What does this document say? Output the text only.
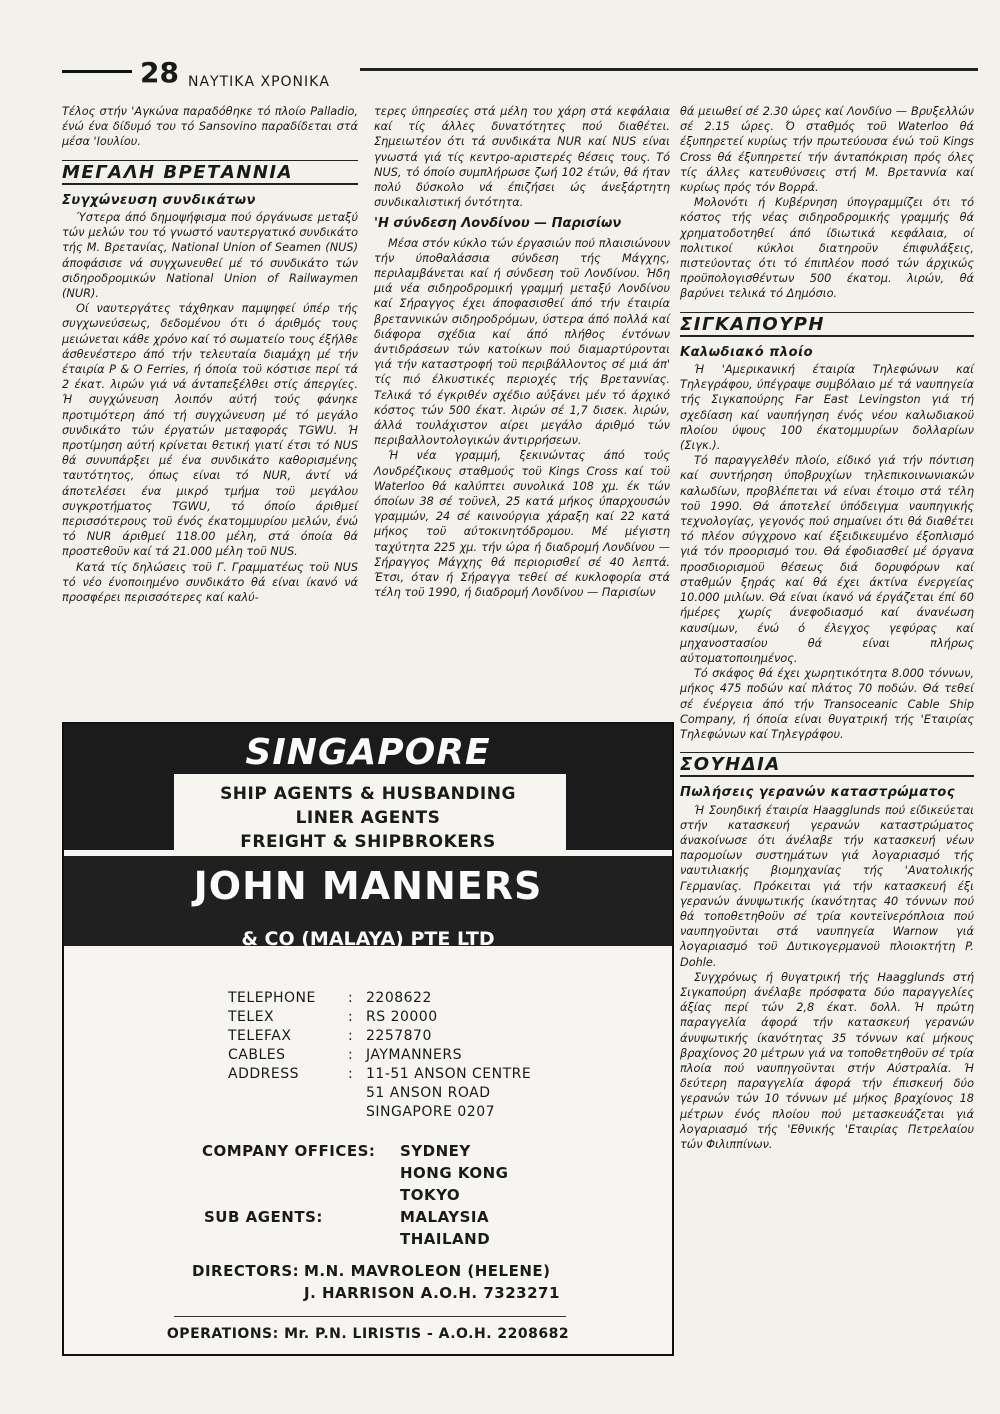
28 ΝΑΥΤΙΚΑ ΧΡΟΝΙΚΑ

Τέλος στήν 'Αγκώνα παραδόθηκε τό πλοίο Palladio, ένώ ένα δίδυμό του τό Sansovino παραδίδεται στά μέσα 'Ιουλίου.

ΜΕΓΑΛΗ ΒΡΕΤΑΝΝΙΑ
Συγχώνευση συνδικάτων

Ύστερα άπό δημοψήφισμα πού όργάνωσε μεταξύ τών μελών του τό γνωστό ναυτεργατικό συνδικάτο τής Μ. Βρετανίας, National Union of Seamen (NUS) άποφάσισε νά συγχωνευθεί μέ τό συνδικάτο τών σιδηροδρομικών National Union of Railwaymen (NUR).

Οί ναυτεργάτες τάχθηκαν παμψηφεί ύπέρ τής συγχωνεύσεως, δεδομένου ότι ό άριθμός τους μειώνεται κάθε χρόνο καί τό σωματείο τους έξήλθε άσθενέστερο άπό τήν τελευταία διαμάχη μέ τήν έταιρία P & O Ferries, ή όποία τοϋ κόστισε περί τά 2 έκατ. λιρών γιά νά άνταπεξέλθει στίς άπεργίες. Ή συγχώνευση λοιπόν αύτή τούς φάνηκε προτιμότερη άπό τή συγχώνευση μέ τό μεγάλο συνδικάτο τών έργατών μεταφοράς TGWU. Ή προτίμηση αύτή κρίνεται θετική γιατί έτσι τό NUS θά συνυπάρξει μέ ένα συνδικάτο καθορισμένης ταυτότητος, όπως είναι τό NUR, άντί νά άποτελέσει ένα μικρό τμήμα τοϋ μεγάλου συγκροτήματος TGWU, τό όποίο άριθμεί περισσότερους τοϋ ένός έκατομμυρίου μελών, ένώ τό NUR άριθμεί 118.00 μέλη, στά όποία θά προστεθοϋν καί τά 21.000 μέλη τοϋ NUS.

Κατά τίς δηλώσεις τοϋ Γ. Γραμματέως τοϋ NUS τό νέο ένοποιημένο συνδικάτο θά είναι ίκανό νά προσφέρει περισσότερες καί καλύ-

τερες ύπηρεσίες στά μέλη του χάρη στά κεφάλαια καί τίς άλλες δυνατότητες πού διαθέτει. Σημειωτέον ότι τά συνδικάτα NUR καί NUS είναι γνωστά γιά τίς κεντρο-αριστερές θέσεις τους. Τό NUS, τό όποίο συμπλήρωσε ζωή 102 έτών, θά ήταν πολύ δύσκολο νά έπιζήσει ώς άνεξάρτητη συνδικαλιστική όντότητα.

'Η σύνδεση Λονδίνου — Παρισίων

Μέσα στόν κύκλο τών έργασιών πού πλαισιώνουν τήν ύποθαλάσσια σύνδεση τής Μάγχης, περιλαμβάνεται καί ή σύνδεση τοϋ Λονδίνου. Ήδη μιά νέα σιδηροδρομική γραμμή μεταξύ Λονδίνου καί Σήραγγος έχει άποφασισθεί άπό τήν έταιρία βρεταννικών σιδηροδρόμων, ύστερα άπό πολλά καί διάφορα σχέδια καί άπό πλήθος έντόνων άντιδράσεων τών κατοίκων πού διαμαρτύρονται γιά τήν καταστροφή τοϋ περιβάλλοντος σέ μιά άπ' τίς πιό έλκυστικές περιοχές τής Βρεταννίας. Τελικά τό έγκριθέν σχέδιο αύξάνει μέν τό άρχικό κόστος τών 500 έκατ. λιρών σέ 1,7 δισεκ. λιρών, άλλά τουλάχιστον αίρει μεγάλο άριθμό τών περιβαλλοντολογικών άντιρρήσεων.

Ή νέα γραμμή, ξεκινώντας άπό τούς Λονδρέζικους σταθμούς τοϋ Kings Cross καί τοϋ Waterloo θά καλύπτει συνολικά 108 χμ. έκ τών όποίων 38 σέ τοϋνελ, 25 κατά μήκος ύπαρχουσών γραμμών, 24 σέ καινούργια χάραξη καί 22 κατά μήκος τοϋ αύτοκινητόδρομου. Μέ μέγιστη ταχύτητα 225 χμ. τήν ώρα ή διαδρομή Λονδίνου — Σήραγγος Μάγχης θά περιορισθεί σέ 40 λεπτά. Έτσι, όταν ή Σήραγγα τεθεί σέ κυκλοφορία στά τέλη τοϋ 1990, ή διαδρομή Λονδίνου — Παρισίων

θά μειωθεί σέ 2.30 ώρες καί Λονδίνο — Βρυξελλών σέ 2.15 ώρες. Ό σταθμός τοϋ Waterloo θά έξυπηρετεί κυρίως τήν πρωτεύουσα ένώ τοϋ Kings Cross θά έξυπηρετεί τήν άνταπόκριση πρός όλες τίς άλλες κατευθύνσεις στή Μ. Βρεταννία καί κυρίως πρός τόν Βορρά.

Μολονότι ή Κυβέρνηση ύπογραμμίζει ότι τό κόστος τής νέας σιδηροδρομικής γραμμής θά χρηματοδοτηθεί άπό ίδιωτικά κεφάλαια, οί πολιτικοί κύκλοι διατηροϋν έπιφυλάξεις, πιστεύοντας ότι τό έπιπλέον ποσό τών άρχικώς προϋπολογισθέντων 500 έκατομ. λιρών, θά βαρύνει τελικά τό Δημόσιο.

ΣΙΓΚΑΠΟΥΡΗ
Καλωδιακό πλοίο

Ή 'Αμερικανική έταιρία Τηλεφώνων καί Τηλεγράφου, ύπέγραψε συμβόλαιο μέ τά ναυπηγεία τής Σιγκαπούρης Far East Levingston γιά τή σχεδίαση καί ναυπήγηση ένός νέου καλωδιακοϋ πλοίου ύψους 100 έκατομμυρίων δολλαρίων (Σιγκ.).

Τό παραγγελθέν πλοίο, είδικό γιά τήν πόντιση καί συντήρηση ύποβρυχίων τηλεπικοινωνιακών καλωδίων, προβλέπεται νά είναι έτοιμο στά τέλη τοϋ 1990. Θά άποτελεί ύπόδειγμα ναυπηγικής τεχνολογίας, γεγονός πού σημαίνει ότι θά διαθέτει τό πλέον σύγχρονο καί έξειδικευμένο έξοπλισμό γιά τόν προορισμό του. Θά έφοδιασθεί μέ όργανα προσδιορισμοϋ θέσεως διά δορυφόρων καί σταθμών ξηράς καί θά έχει άκτίνα ένεργείας 10.000 μιλίων. Θά είναι ίκανό νά έργάζεται έπί 60 ήμέρες χωρίς άνεφοδιασμό καί άνανέωση καυσίμων, ένώ ό έλεγχος γεφύρας καί μηχανοστασίου θά είναι πλήρως αύτοματοποιημένος.

Τό σκάφος θά έχει χωρητικότητα 8.000 τόννων, μήκος 475 ποδών καί πλάτος 70 ποδών. Θά τεθεί σέ ένέργεια άπό τήν Transoceanic Cable Ship Company, ή όποία είναι θυγατρική τής 'Εταιρίας Τηλεφώνων καί Τηλεγράφου.

ΣΟΥΗΔΙΑ
Πωλήσεις γερανών καταστρώματος

Ή Σουηδική έταιρία Haagglunds πού είδικεύεται στήν κατασκευή γερανών καταστρώματος άνακοίνωσε ότι άνέλαβε τήν κατασκευή νέων παρομοίων συστημάτων γιά λογαριασμό τής ναυτιλιακής βιομηχανίας τής 'Ανατολικής Γερμανίας. Πρόκειται γιά τήν κατασκευή έξι γερανών άνυψωτικής ίκανότητας 40 τόννων πού θά τοποθετηθοϋν σέ τρία κοντεϊνερόπλοια πού ναυπηγοϋνται στά ναυπηγεία Warnow γιά λογαριασμό τοϋ Δυτικογερμανοϋ πλοιοκτήτη P. Dohle.

Συγχρόνως ή θυγατρική τής Haagglunds στή Σιγκαπούρη άνέλαβε πρόσφατα δύο παραγγελίες άξίας περί τών 2,8 έκατ. δολλ. Ή πρώτη παραγγελία άφορά τήν κατασκευή γερανών άνυψωτικής ίκανότητας 35 τόννων καί μήκους βραχίονος 20 μέτρων γιά να τοποθετηθοϋν σέ τρία πλοία πού ναυπηγοϋνται στήν Αύστραλία. Ή δεύτερη παραγγελία άφορά τήν έπισκευή δύο γερανών τών 10 τόννων μέ μήκος βραχίονος 18 μέτρων ένός πλοίου πού μετασκευάζεται γιά λογαριασμό τής 'Εθνικής 'Εταιρίας Πετρελαίου τών Φιλιππίνων.

SINGAPORE
SHIP AGENTS & HUSBANDING
LINER AGENTS
FREIGHT & SHIPBROKERS
JOHN MANNERS
& CO (MALAYA) PTE LTD
TELEPHONE
TELEX
TELEFAX
CABLES
ADDRESS
:
:
:
:
:
2208622
RS 20000
2257870
JAYMANNERS
11-51 ANSON CENTRE
51 ANSON ROAD
SINGAPORE 0207
COMPANY OFFICES: SYDNEY
HONG KONG
TOKYO
SUB AGENTS:	MALAYSIA
THAILAND
DIRECTORS: M.N. MAVROLEON (HELENE)
J. HARRISON A.O.H. 7323271
OPERATIONS: Mr. P.N. LIRISTIS - A.O.H. 2208682
